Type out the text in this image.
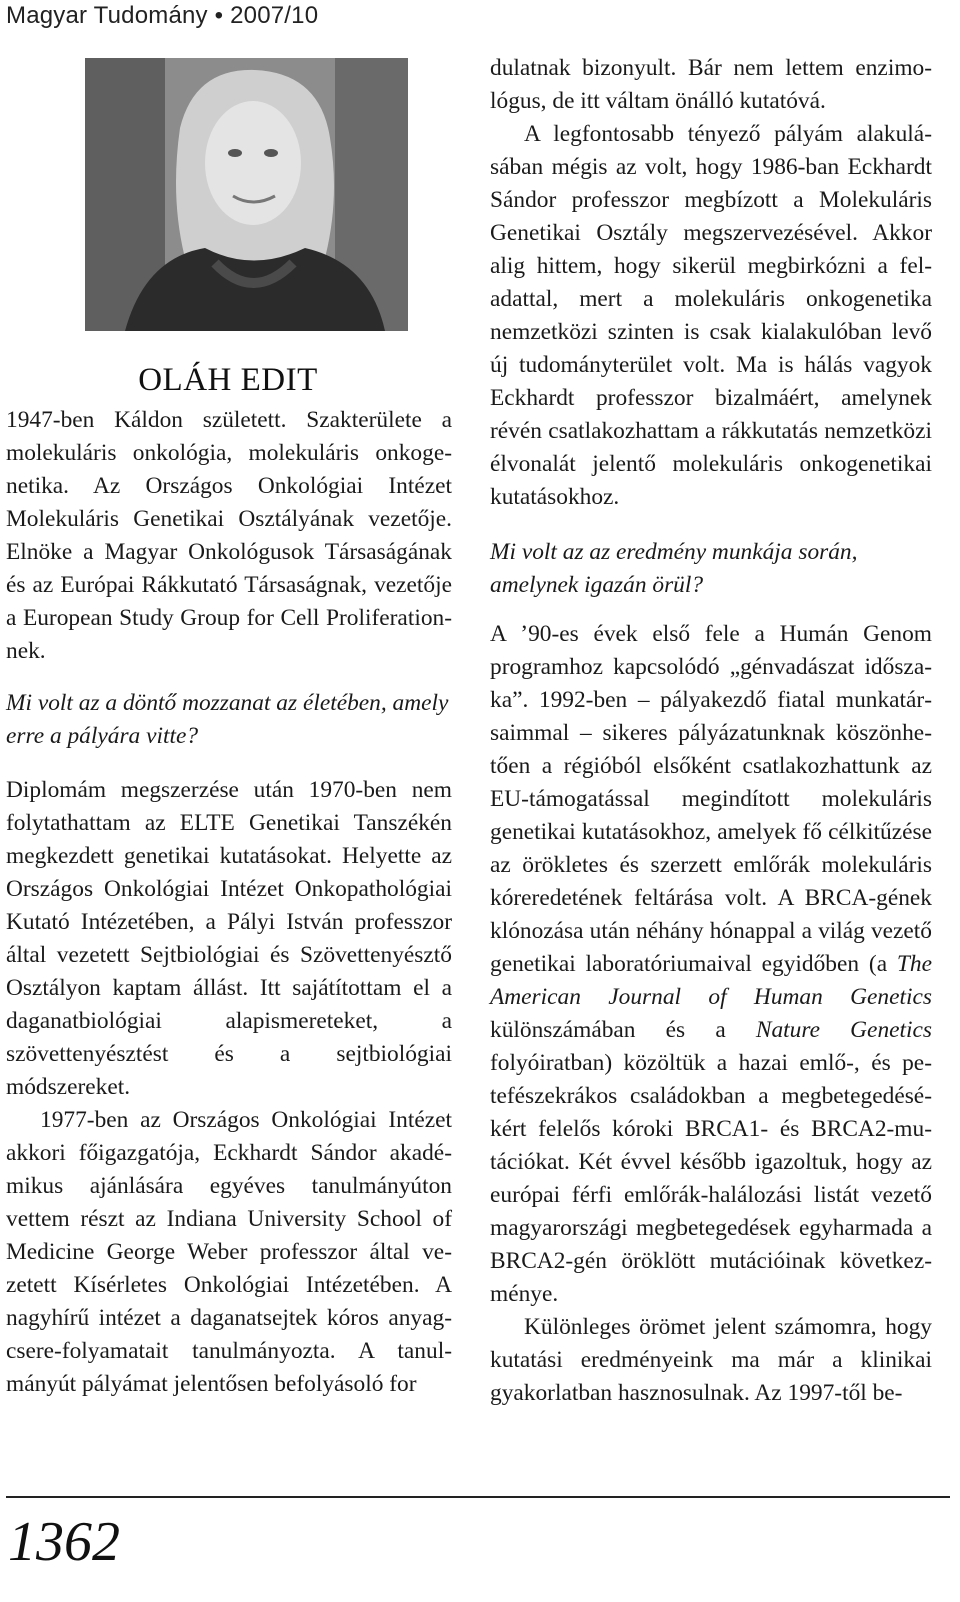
Magyar Tudomány • 2007/10
OLÁH EDIT

1947-ben Káldon született. Szakterülete a molekuláris onkológia, molekuláris onkogenetika. Az Országos Onkológiai Intézet Molekuláris Genetikai Osztályának vezetője. Elnöke a Magyar Onkológusok Társaságának és az Európai Rákkutató Társaságnak, vezetője a European Study Group for Cell Proliferation-nek.

Mi volt az a döntő mozzanat az életében, amely erre a pályára vitte?

Diplomám megszerzése után 1970-ben nem folytathattam az ELTE Genetikai Tanszékén megkezdett genetikai kutatásokat. Helyette az Országos Onkológiai Intézet Onkopathológiai Kutató Intézetében, a Pályi István professzor által vezetett Sejtbiológiai és Szövettenyésztő Osztályon kaptam állást. Itt sajátítottam el a daganatbiológiai alapismereteket, a szövettenyésztést és a sejtbiológiai módszereket.

1977-ben az Országos Onkológiai Intézet akkori főigazgatója, Eckhardt Sándor akadémikus ajánlására egyéves tanulmányúton vettem részt az Indiana University School of Medicine George Weber professzor által vezetett Kísérletes Onkológiai Intézetében. A nagyhírű intézet a daganatsejtek kóros anyagcsere-folyamatait tanulmányozta. A tanulmányút pályámat jelentősen befolyásoló for

dulatnak bizonyult. Bár nem lettem enzimológus, de itt váltam önálló kutatóvá.

A legfontosabb tényező pályám alakulásában mégis az volt, hogy 1986-ban Eckhardt Sándor professzor megbízott a Molekuláris Genetikai Osztály megszervezésével. Akkor alig hittem, hogy sikerül megbirkózni a feladattal, mert a molekuláris onkogenetika nemzetközi szinten is csak kialakulóban levő új tudományterület volt. Ma is hálás vagyok Eckhardt professzor bizalmáért, amelynek révén csatlakozhattam a rákkutatás nemzetközi élvonalát jelentő molekuláris onkogenetikai kutatásokhoz.

Mi volt az az eredmény munkája során, amelynek igazán örül?

A ’90-es évek első fele a Humán Genom programhoz kapcsolódó „génvadászat időszaka”. 1992-ben – pályakezdő fiatal munkatársaimmal – sikeres pályázatunknak köszönhetően a régióból elsőként csatlakozhattunk az EU-támogatással megindított molekuláris genetikai kutatásokhoz, amelyek fő célkitűzése az örökletes és szerzett emlőrák molekuláris kóreredetének feltárása volt. A BRCA-gének klónozása után néhány hónappal a világ vezető genetikai laboratóriumaival egyidőben (a The American Journal of Human Genetics különszámában és a Nature Genetics folyóiratban) közöltük a hazai emlő-, és petefészekrákos családokban a megbetegedésékért felelős kóroki BRCA1- és BRCA2-mutációkat. Két évvel később igazoltuk, hogy az európai férfi emlőrák-halálozási listát vezető magyarországi megbetegedések egyharmada a BRCA2-gén öröklött mutációinak következménye.

Különleges örömet jelent számomra, hogy kutatási eredményeink ma már a klinikai gyakorlatban hasznosulnak. Az 1997-től be-

1362
